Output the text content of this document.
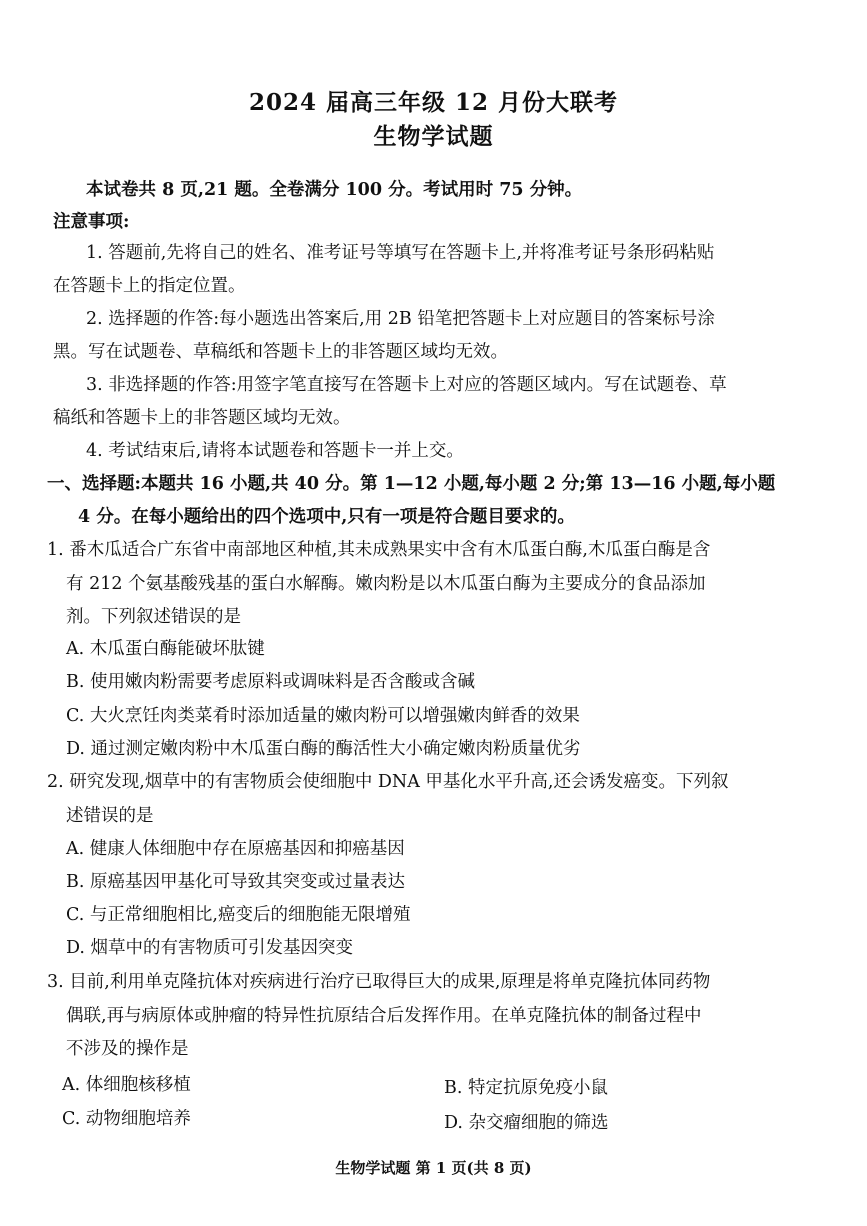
2024 届高三年级 12 月份大联考
生物学试题
本试卷共 8 页,21 题。全卷满分 100 分。考试用时 75 分钟。
注意事项:
1. 答题前,先将自己的姓名、准考证号等填写在答题卡上,并将准考证号条形码粘贴
在答题卡上的指定位置。
2. 选择题的作答:每小题选出答案后,用 2B 铅笔把答题卡上对应题目的答案标号涂
黑。写在试题卷、草稿纸和答题卡上的非答题区域均无效。
3. 非选择题的作答:用签字笔直接写在答题卡上对应的答题区域内。写在试题卷、草
稿纸和答题卡上的非答题区域均无效。
4. 考试结束后,请将本试题卷和答题卡一并上交。
一、选择题:本题共 16 小题,共 40 分。第 1—12 小题,每小题 2 分;第 13—16 小题,每小题
4 分。在每小题给出的四个选项中,只有一项是符合题目要求的。
1. 番木瓜适合广东省中南部地区种植,其未成熟果实中含有木瓜蛋白酶,木瓜蛋白酶是含
有 212 个氨基酸残基的蛋白水解酶。嫩肉粉是以木瓜蛋白酶为主要成分的食品添加
剂。下列叙述错误的是
A. 木瓜蛋白酶能破坏肽键
B. 使用嫩肉粉需要考虑原料或调味料是否含酸或含碱
C. 大火烹饪肉类菜肴时添加适量的嫩肉粉可以增强嫩肉鲜香的效果
D. 通过测定嫩肉粉中木瓜蛋白酶的酶活性大小确定嫩肉粉质量优劣
2. 研究发现,烟草中的有害物质会使细胞中 DNA 甲基化水平升高,还会诱发癌变。下列叙
述错误的是
A. 健康人体细胞中存在原癌基因和抑癌基因
B. 原癌基因甲基化可导致其突变或过量表达
C. 与正常细胞相比,癌变后的细胞能无限增殖
D. 烟草中的有害物质可引发基因突变
3. 目前,利用单克隆抗体对疾病进行治疗已取得巨大的成果,原理是将单克隆抗体同药物
偶联,再与病原体或肿瘤的特异性抗原结合后发挥作用。在单克隆抗体的制备过程中
不涉及的操作是
A. 体细胞核移植	B. 特定抗原免疫小鼠
C. 动物细胞培养	D. 杂交瘤细胞的筛选
生物学试题 第 1 页(共 8 页)
